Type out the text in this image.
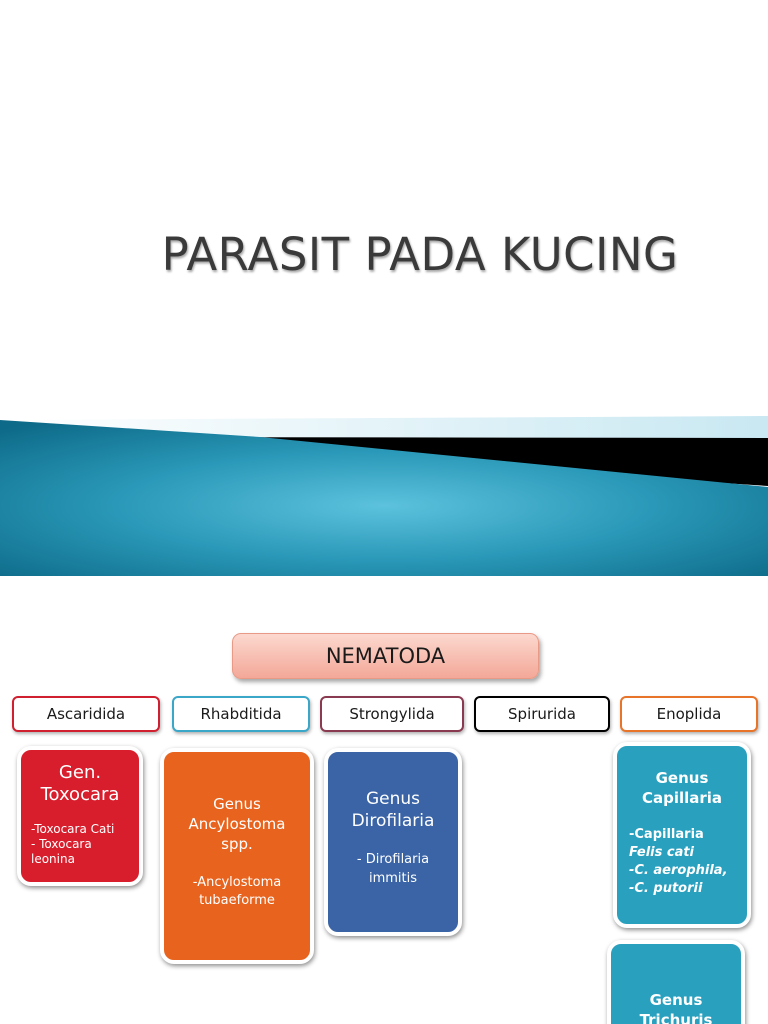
PARASIT PADA KUCING
NEMATODA
Ascaridida	Rhabditida	Strongylida	Spirurida	Enoplida
Gen.
Toxocara
-Toxocara Cati
- Toxocara
leonina
Genus
Ancylostoma
spp.
-Ancylostoma
tubaeforme
Genus
Dirofilaria
- Dirofilaria
immitis
Genus
Capillaria
-Capillaria
Felis cati
-C. aerophila,
-C. putorii
Genus
Trichuris
